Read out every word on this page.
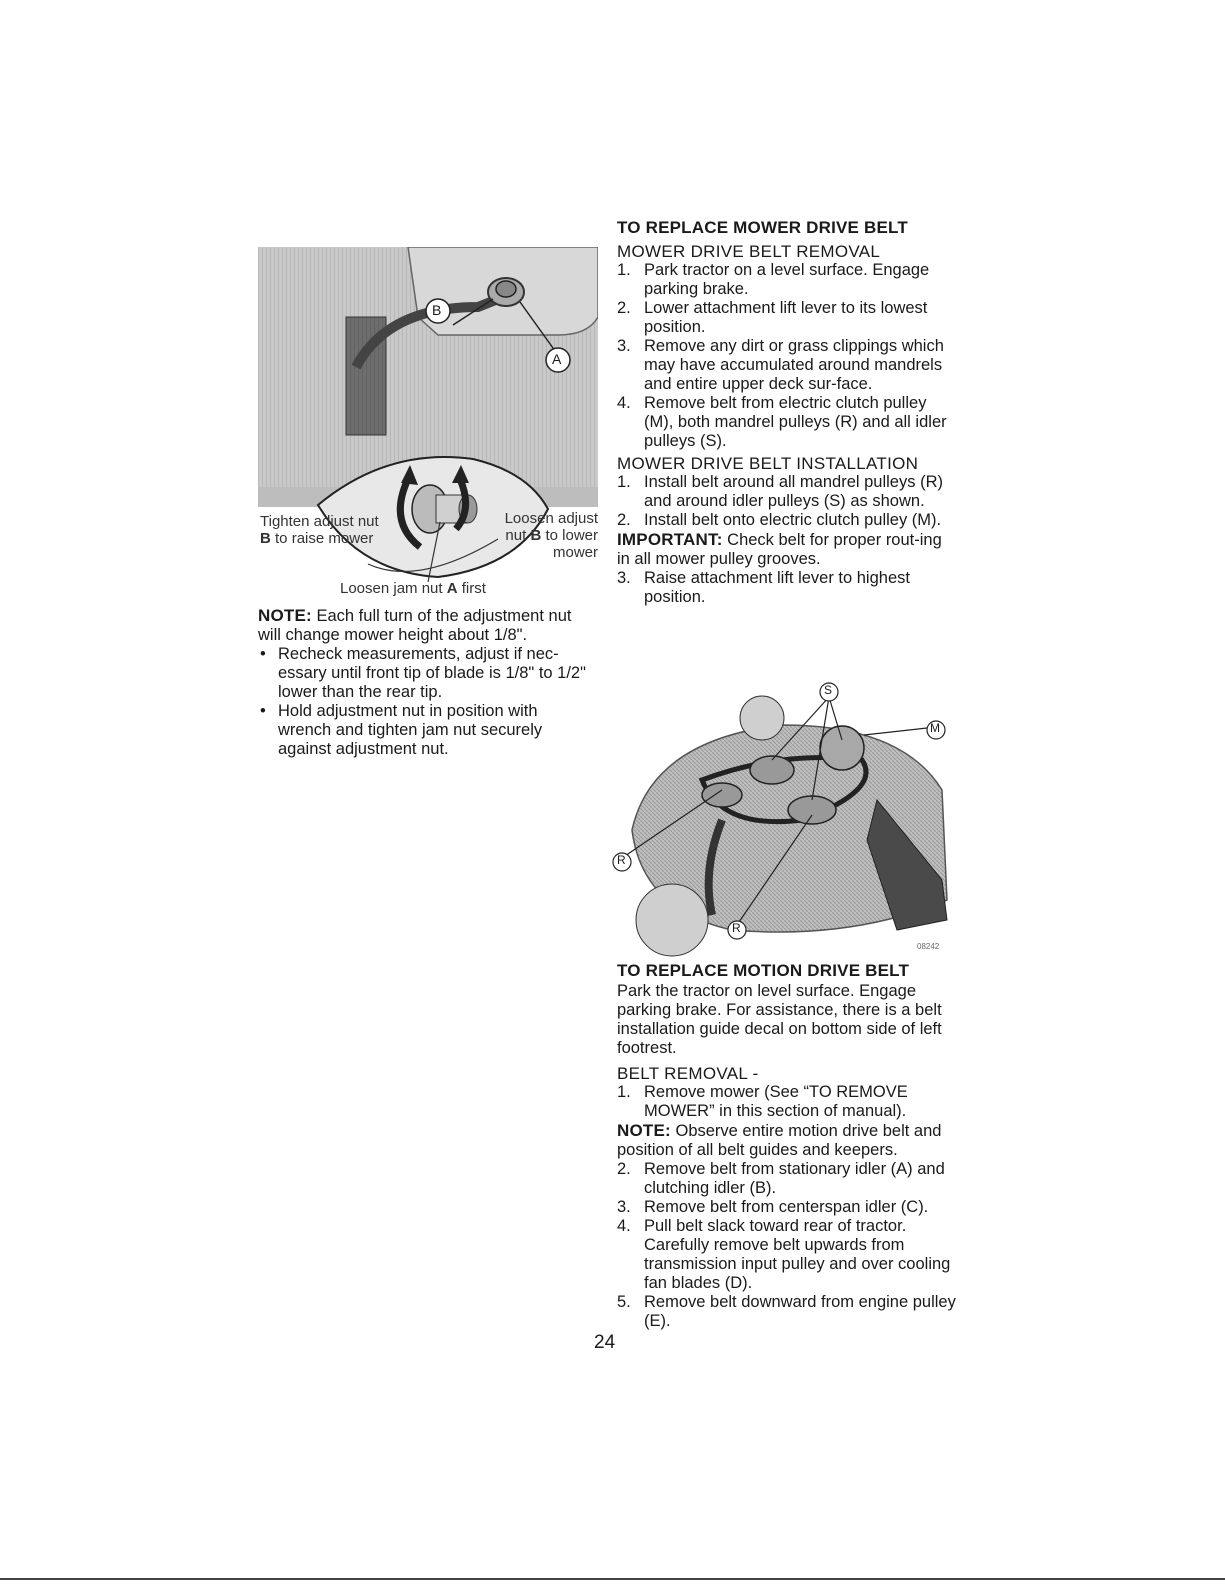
B
A
Tighten adjust nut
B to raise mower
Loosen adjust
nut B to lower
mower
Loosen jam nut A first
NOTE: Each full turn of the adjustment nut will change mower height about 1/8".
• Recheck measurements, adjust if nec-essary until front tip of blade is 1/8" to 1/2" lower than the rear tip.
• Hold adjustment nut in position with wrench and tighten jam nut securely against adjustment nut.
TO REPLACE MOWER DRIVE BELT
MOWER DRIVE BELT REMOVAL
1. Park tractor on a level surface. Engage parking brake.
2. Lower attachment lift lever to its lowest position.
3. Remove any dirt or grass clippings which may have accumulated around mandrels and entire upper deck sur-face.
4. Remove belt from electric clutch pulley (M), both mandrel pulleys (R) and all idler pulleys (S).
MOWER DRIVE BELT INSTALLATION
1. Install belt around all mandrel pulleys (R) and around idler pulleys (S) as shown.
2. Install belt onto electric clutch pulley (M).
IMPORTANT: Check belt for proper rout-ing in all mower pulley grooves.
3. Raise attachment lift lever to highest position.
S
M
R
R
08242
TO REPLACE MOTION DRIVE BELT
Park the tractor on level surface. Engage parking brake. For assistance, there is a belt installation guide decal on bottom side of left footrest.
BELT REMOVAL -
1. Remove mower (See “TO REMOVE MOWER” in this section of manual).
NOTE: Observe entire motion drive belt and position of all belt guides and keepers.
2. Remove belt from stationary idler (A) and clutching idler (B).
3. Remove belt from centerspan idler (C).
4. Pull belt slack toward rear of tractor. Carefully remove belt upwards from transmission input pulley and over cooling fan blades (D).
5. Remove belt downward from engine pulley (E).
24
